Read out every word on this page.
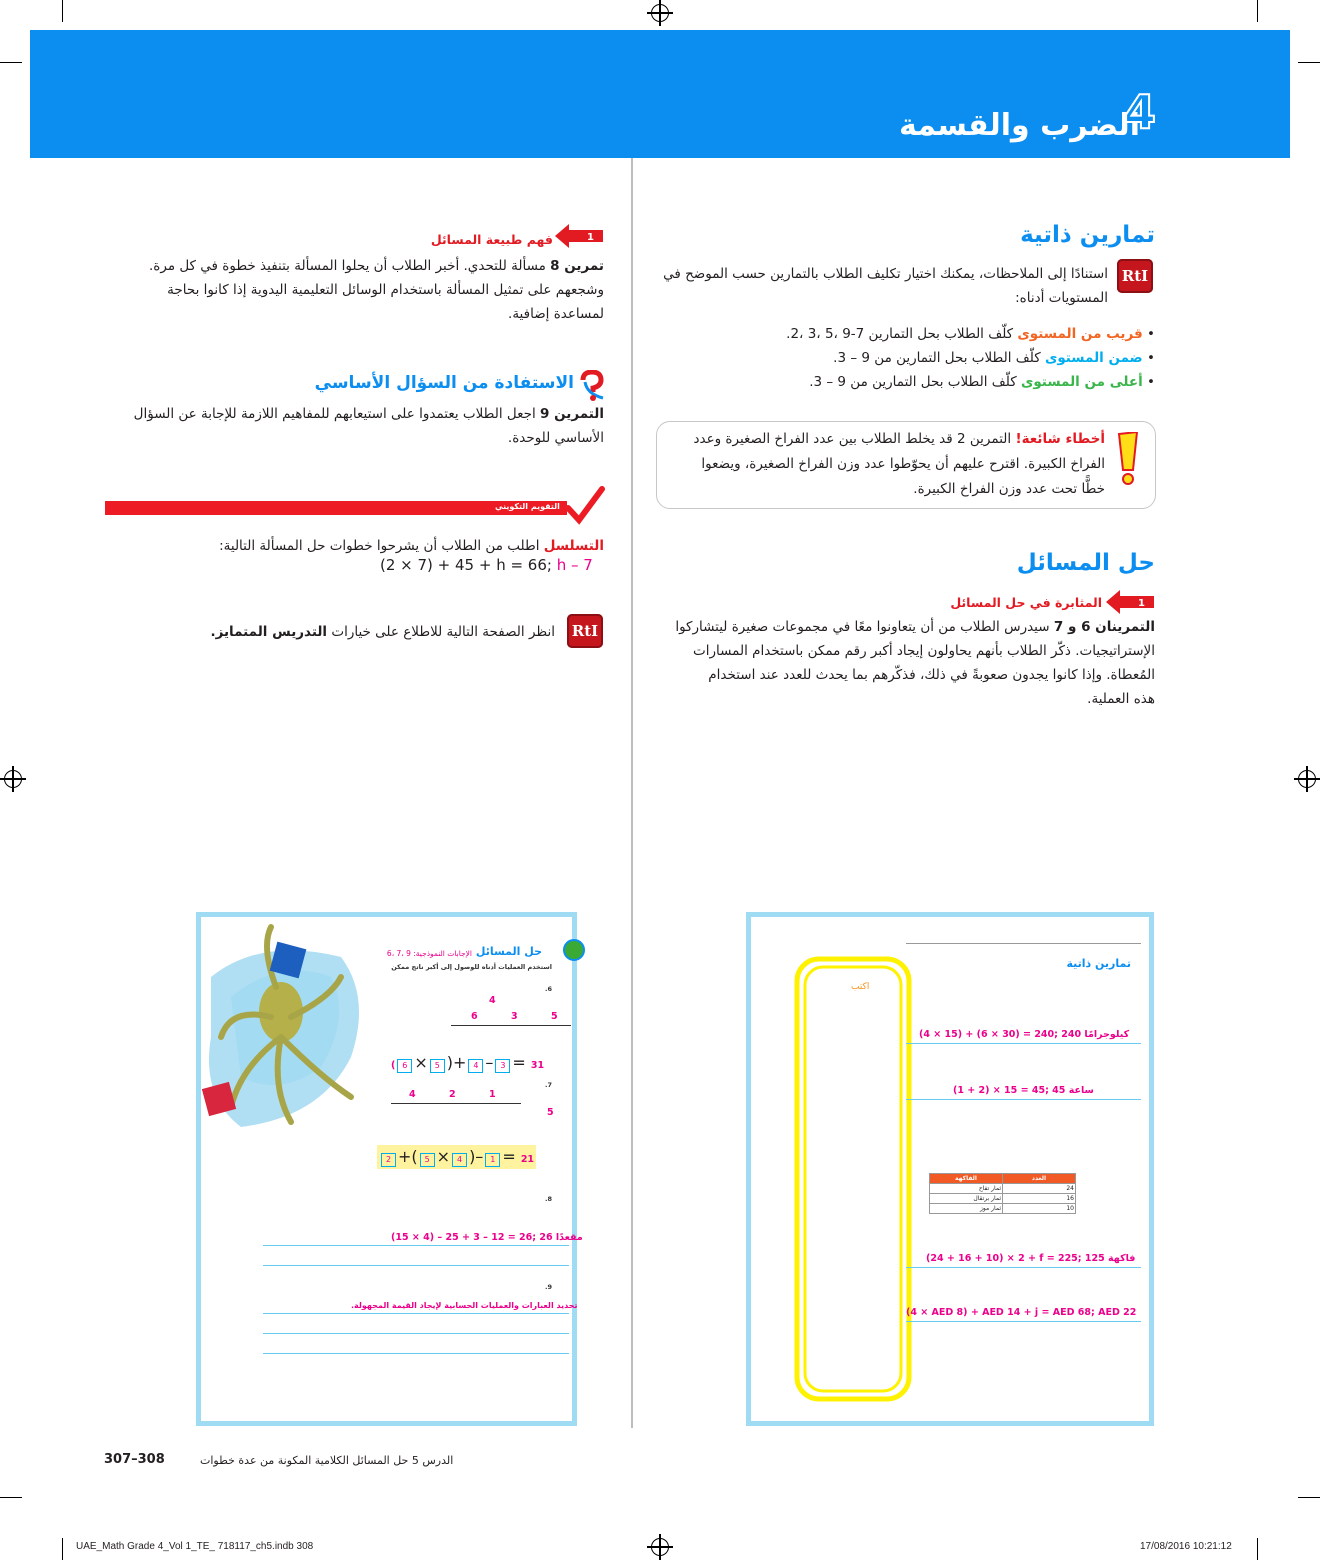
الضرب والقسمة
4
تمارين ذاتية
RtI
استنادًا إلى الملاحظات، يمكنك اختيار تكليف الطلاب بالتمارين حسب الموضح في
المستويات أدناه:
• قريب من المستوى كلّف الطلاب بحل التمارين 7-9 ،5 ،3 ،2.
• ضمن المستوى كلّف الطلاب بحل التمارين من 9 – 3.
• أعلى من المستوى كلّف الطلاب بحل التمارين من 9 – 3.
أخطاء شائعة! التمرين 2 قد يخلط الطلاب بين عدد الفراخ الصغيرة وعدد
الفراخ الكبيرة. اقترح عليهم أن يحوّطوا عدد وزن الفراخ الصغيرة، ويضعوا
خطًّا تحت عدد وزن الفراخ الكبيرة.
حل المسائل
1
المثابرة في حل المسائل
التمرينان 6 و 7 سيدرس الطلاب من أن يتعاونوا معًا في مجموعات صغيرة ليتشاركوا
الإستراتيجيات. ذكّر الطلاب بأنهم يحاولون إيجاد أكبر رقم ممكن باستخدام المسارات
المُعطاة. وإذا كانوا يجدون صعوبةً في ذلك، فذكّرهم بما يحدث للعدد عند استخدام
هذه العملية.
1
فهم طبيعة المسائل
تمرين 8 مسألة للتحدي. أخبر الطلاب أن يحلوا المسألة بتنفيذ خطوة في كل مرة.
وشجعهم على تمثيل المسألة باستخدام الوسائل التعليمية اليدوية إذا كانوا بحاجة
لمساعدة إضافية.
الاستفادة من السؤال الأساسي
التمرين 9 اجعل الطلاب يعتمدوا على استيعابهم للمفاهيم اللازمة للإجابة عن السؤال
الأساسي للوحدة.
التقويم التكويني
التسلسل اطلب من الطلاب أن يشرحوا خطوات حل المسألة التالية:
(2 × 7) + 45 + h = 66; h – 7
RtI
انظر الصفحة التالية للاطلاع على خيارات التدريس المتمايز.
حل المسائل
الإجابات النموذجية: 9 ،7 ،6
استخدم العمليات أدناه للوصول إلى أكبر ناتج ممكن
6.
4
5
3
6
( 6 × 5 )+ 4 – 3 = 31
7.
4	2	1
5
2 +( 5 × 4 )– 1 = 21
8.
(15 × 4) – 25 + 3 – 12 = 26; 26 مقعدًا
9.
تحديد العبارات والعمليات الحسابية لإيجاد القيمة المجهولة.
اكتب
تمارين ذاتية
(4 × 15) + (6 × 30) = 240; 240 كيلوجرامًا
(1 + 2) × 15 = 45; 45 ساعة
العدد	الفاكهة
24	ثمار تفاح
16	ثمار برتقال
10	ثمار موز
(24 + 16 + 10) × 2 + f = 225; 125 فاكهة
(4 × AED 8) + AED 14 + j = AED 68; AED 22
307–308	الدرس 5 حل المسائل الكلامية المكونة من عدة خطوات
UAE_Math Grade 4_Vol 1_TE_ 718117_ch5.indb 308	17/08/2016 10:21:12
